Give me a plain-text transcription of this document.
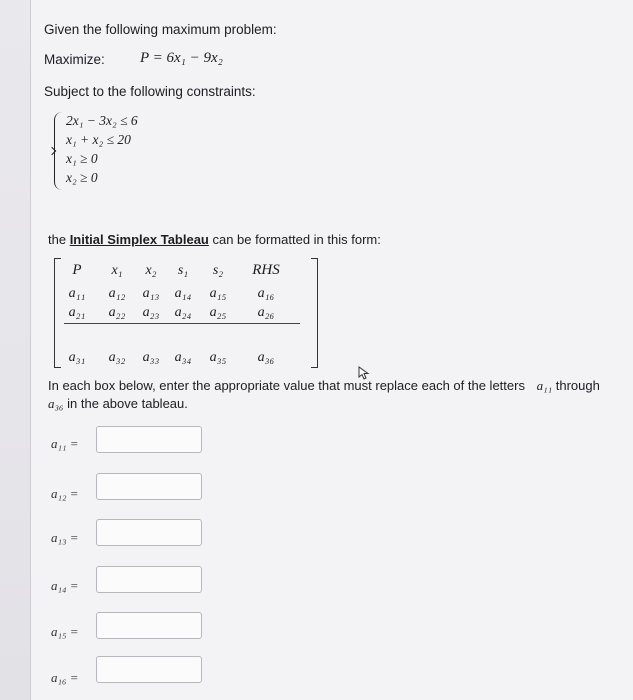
Given the following maximum problem:
Maximize: P = 6x₁ − 9x₂
Subject to the following constraints:
2x₁ − 3x₂ ≤ 6
x₁ + x₂ ≤ 20
x₁ ≥ 0
x₂ ≥ 0
the Initial Simplex Tableau can be formatted in this form:
P	x₁	x₂	s₁	s₂	RHS
a₁₁	a₁₂	a₁₃	a₁₄	a₁₅	a₁₆
a₂₁	a₂₂	a₂₃	a₂₄	a₂₅	a₂₆
a₃₁	a₃₂	a₃₃	a₃₄	a₃₅	a₃₆
In each box below, enter the appropriate value that must replace each of the letters a₁₁ through
a₃₆ in the above tableau.
a₁₁ =
a₁₂ =
a₁₃ =
a₁₄ =
a₁₅ =
a₁₆ =
